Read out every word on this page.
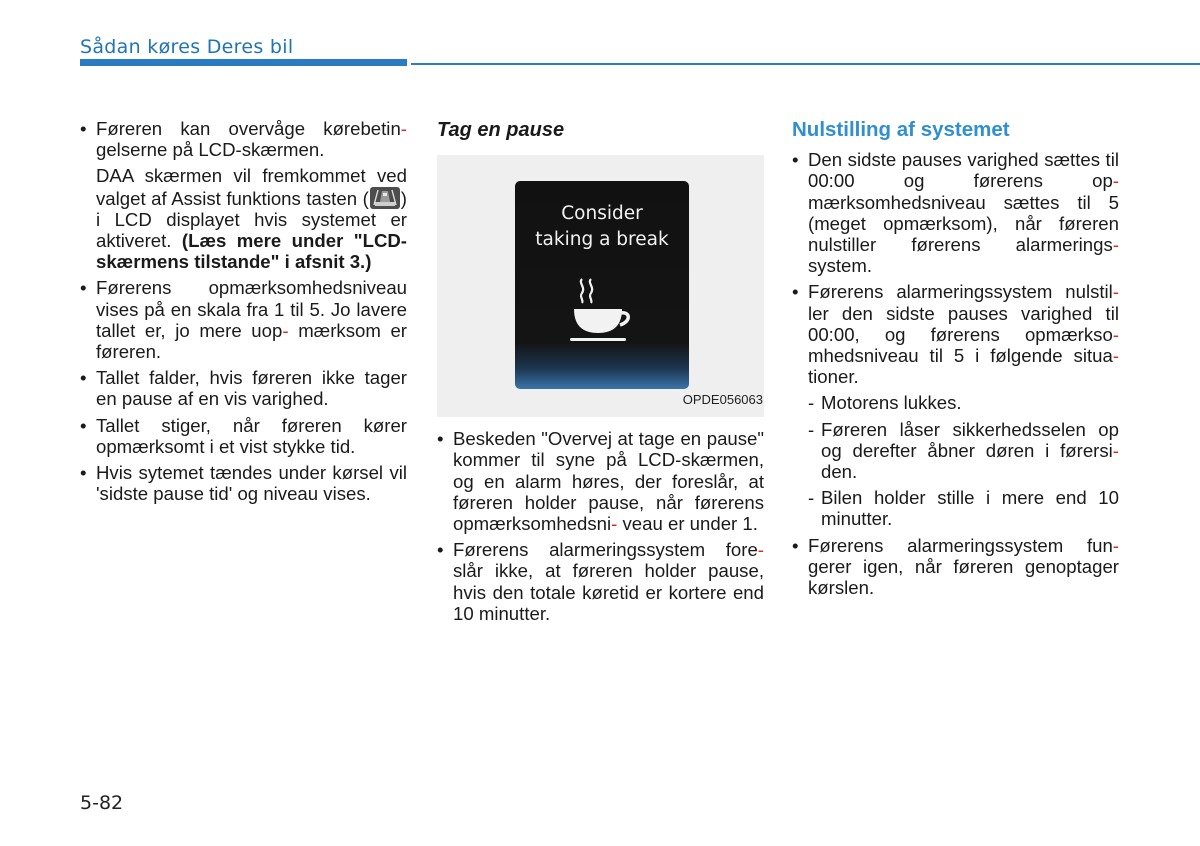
Sådan køres Deres bil
• Føreren kan overvåge kørebetin- gelserne på LCD-skærmen.
DAA skærmen vil fremkommet ved valget af Assist funktions tasten ( ) i LCD displayet hvis systemet er aktiveret. (Læs mere under "LCD-skærmens tilstande" i afsnit 3.)
• Førerens opmærksomhedsniveau vises på en skala fra 1 til 5. Jo lavere tallet er, jo mere uop- mærksom er føreren.
• Tallet falder, hvis føreren ikke tager en pause af en vis varighed.
• Tallet stiger, når føreren kører opmærksomt i et vist stykke tid.
• Hvis sytemet tændes under kørsel vil 'sidste pause tid' og niveau vises.
Tag en pause
Consider
taking a break
OPDE056063
• Beskeden "Overvej at tage en pause" kommer til syne på LCD-skærmen, og en alarm høres, der foreslår, at føreren holder pause, når førerens opmærksomhedsni- veau er under 1.
• Førerens alarmeringssystem fore- slår ikke, at føreren holder pause, hvis den totale køretid er kortere end 10 minutter.
Nulstilling af systemet
• Den sidste pauses varighed sættes til 00:00 og førerens op- mærksomhedsniveau sættes til 5 (meget opmærksom), når føreren nulstiller førerens alarmerings- system.
• Førerens alarmeringssystem nulstil- ler den sidste pauses varighed til 00:00, og førerens opmærkso- mhedsniveau til 5 i følgende situa- tioner.
- Motorens lukkes.
- Føreren låser sikkerhedsselen op og derefter åbner døren i førersi- den.
- Bilen holder stille i mere end 10 minutter.
• Førerens alarmeringssystem fun- gerer igen, når føreren genoptager kørslen.
5-82
